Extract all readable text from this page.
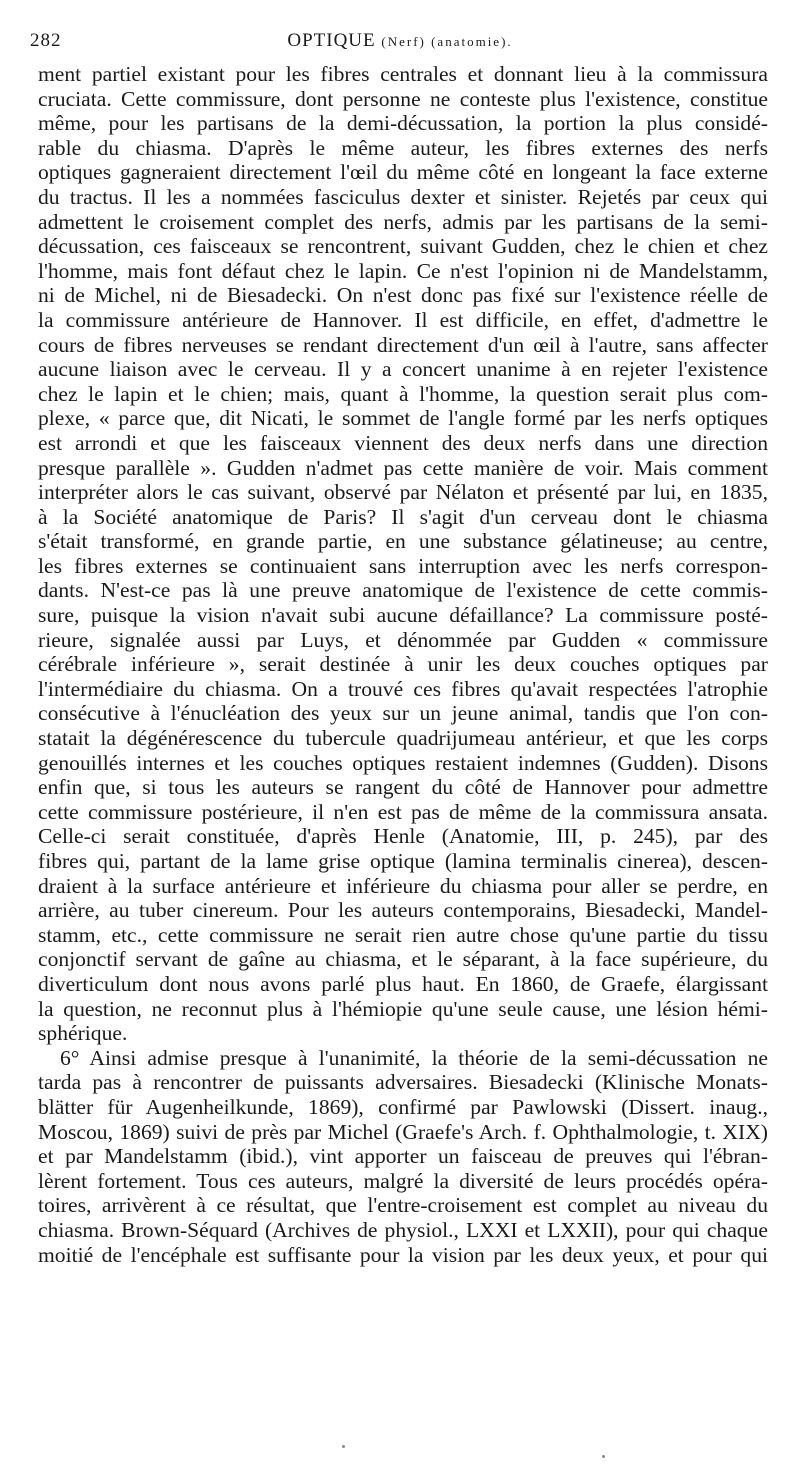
282	OPTIQUE (Nerf) (anatomie).
ment partiel existant pour les fibres centrales et donnant lieu à la commissura
cruciata. Cette commissure, dont personne ne conteste plus l'existence, constitue
même, pour les partisans de la demi-décussation, la portion la plus considé-
rable du chiasma. D'après le même auteur, les fibres externes des nerfs
optiques gagneraient directement l'œil du même côté en longeant la face externe
du tractus. Il les a nommées fasciculus dexter et sinister. Rejetés par ceux qui
admettent le croisement complet des nerfs, admis par les partisans de la semi-
décussation, ces faisceaux se rencontrent, suivant Gudden, chez le chien et chez
l'homme, mais font défaut chez le lapin. Ce n'est l'opinion ni de Mandelstamm,
ni de Michel, ni de Biesadecki. On n'est donc pas fixé sur l'existence réelle de
la commissure antérieure de Hannover. Il est difficile, en effet, d'admettre le
cours de fibres nerveuses se rendant directement d'un œil à l'autre, sans affecter
aucune liaison avec le cerveau. Il y a concert unanime à en rejeter l'existence
chez le lapin et le chien; mais, quant à l'homme, la question serait plus com-
plexe, « parce que, dit Nicati, le sommet de l'angle formé par les nerfs optiques
est arrondi et que les faisceaux viennent des deux nerfs dans une direction
presque parallèle ». Gudden n'admet pas cette manière de voir. Mais comment
interpréter alors le cas suivant, observé par Nélaton et présenté par lui, en 1835,
à la Société anatomique de Paris? Il s'agit d'un cerveau dont le chiasma
s'était transformé, en grande partie, en une substance gélatineuse; au centre,
les fibres externes se continuaient sans interruption avec les nerfs correspon-
dants. N'est-ce pas là une preuve anatomique de l'existence de cette commis-
sure, puisque la vision n'avait subi aucune défaillance? La commissure posté-
rieure, signalée aussi par Luys, et dénommée par Gudden « commissure
cérébrale inférieure », serait destinée à unir les deux couches optiques par
l'intermédiaire du chiasma. On a trouvé ces fibres qu'avait respectées l'atrophie
consécutive à l'énucléation des yeux sur un jeune animal, tandis que l'on con-
statait la dégénérescence du tubercule quadrijumeau antérieur, et que les corps
genouillés internes et les couches optiques restaient indemnes (Gudden). Disons
enfin que, si tous les auteurs se rangent du côté de Hannover pour admettre
cette commissure postérieure, il n'en est pas de même de la commissura ansata.
Celle-ci serait constituée, d'après Henle (Anatomie, III, p. 245), par des
fibres qui, partant de la lame grise optique (lamina terminalis cinerea), descen-
draient à la surface antérieure et inférieure du chiasma pour aller se perdre, en
arrière, au tuber cinereum. Pour les auteurs contemporains, Biesadecki, Mandel-
stamm, etc., cette commissure ne serait rien autre chose qu'une partie du tissu
conjonctif servant de gaîne au chiasma, et le séparant, à la face supérieure, du
diverticulum dont nous avons parlé plus haut. En 1860, de Graefe, élargissant
la question, ne reconnut plus à l'hémiopie qu'une seule cause, une lésion hémi-
sphérique.
6° Ainsi admise presque à l'unanimité, la théorie de la semi-décussation ne
tarda pas à rencontrer de puissants adversaires. Biesadecki (Klinische Monats-
blätter für Augenheilkunde, 1869), confirmé par Pawlowski (Dissert. inaug.,
Moscou, 1869) suivi de près par Michel (Graefe's Arch. f. Ophthalmologie, t. XIX)
et par Mandelstamm (ibid.), vint apporter un faisceau de preuves qui l'ébran-
lèrent fortement. Tous ces auteurs, malgré la diversité de leurs procédés opéra-
toires, arrivèrent à ce résultat, que l'entre-croisement est complet au niveau du
chiasma. Brown-Séquard (Archives de physiol., LXXI et LXXII), pour qui chaque
moitié de l'encéphale est suffisante pour la vision par les deux yeux, et pour qui
